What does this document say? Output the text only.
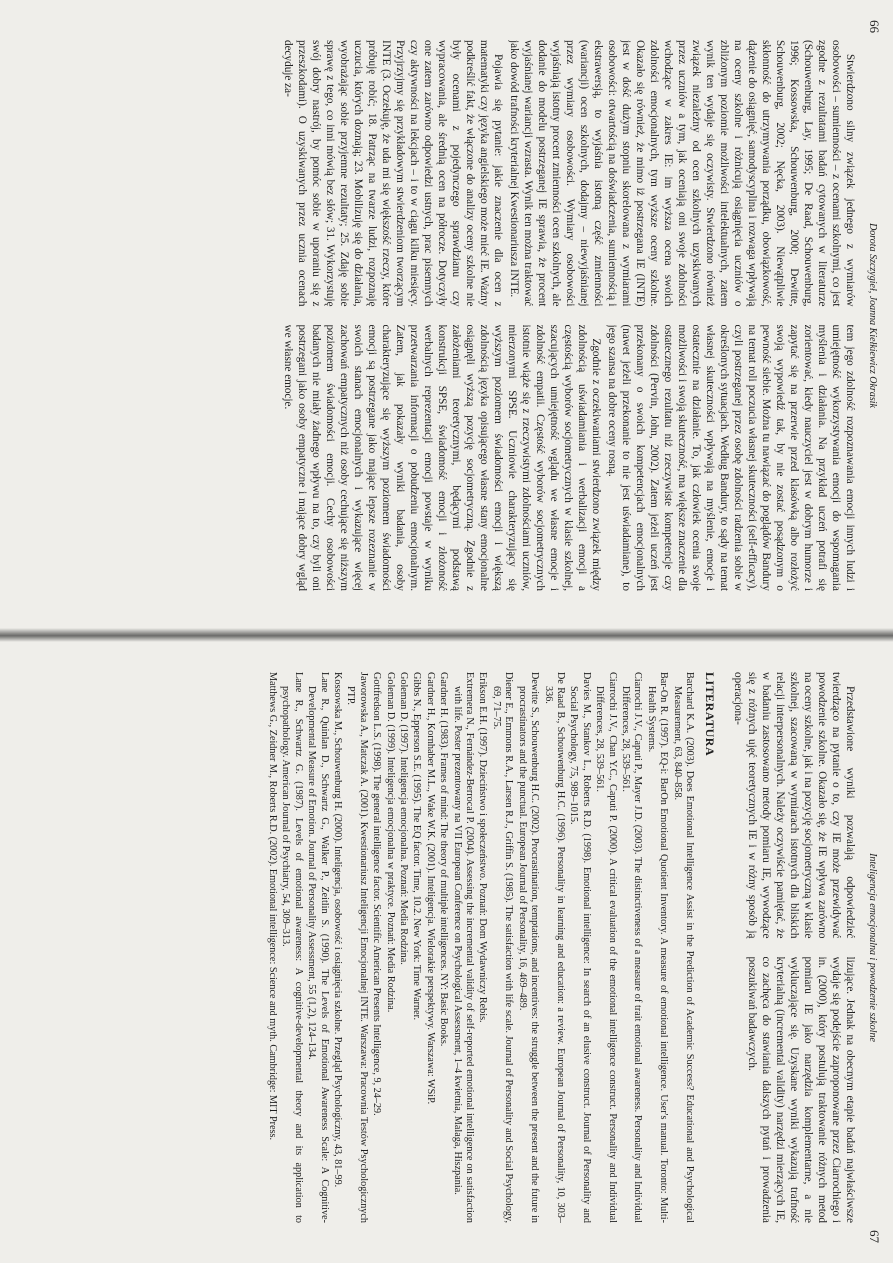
66
Dorota Szczygieł, Joanna Kiełkiewicz Okrasik

Stwierdzono silny związek jednego z wymiarów osobowości – sumienności – z ocenami szkolnymi, co jest zgodne z rezultatami badań cytowanych w literaturze (Schouwenburg, Lay, 1995; De Raad, Schouwenburg, 1996; Kossowska, Schouwenburg, 2000; Dewitte, Schouwenburg, 2002; Nęcka, 2003). Niewątpliwie skłonność do utrzymywania porządku, obowiązkowość, dążenie do osiągnięć, samodyscyplina i rozwaga wpływają na oceny szkolne i różnicują osiągnięcia uczniów o zbliżonym poziomie możliwości intelektualnych, zatem wynik ten wydaje się oczywisty. Stwierdzono również związek niezależny od ocen szkolnych uzyskiwanych przez uczniów a tym, jak oceniają oni swoje zdolności wchodzące w zakres IE: im wyższa ocena swoich zdolności emocjonalnych, tym wyższe oceny szkolne. Okazało się również, że mimo iż postrzegana IE (INTE) jest w dość dużym stopniu skorelowana z wymiarami osobowości: otwartością na doświadczenia, sumiennością i ekstrawersją, to wyjaśnia istotną część zmienności (wariancji) ocen szkolnych, dodajmy – niewyjaśnianej przez wymiary osobowości. Wymiary osobowości wyjaśniają istotny procent zmienności ocen szkolnych, ale dodanie do modelu postrzeganej IE sprawia, że procent wyjaśnianej wariancji wzrasta. Wynik ten można traktować jako dowód trafności kryterialnej Kwestionariusza INTE.

Pojawia się pytanie: jakie znaczenie dla ocen z matematyki czy języka angielskiego może mieć IE. Ważny podkreślić fakt, że włączone do analizy oceny szkolne nie były ocenami z pojedynczego sprawdzianu czy wypracowania, ale średnią ocen na półrocze. Dotyczyły one zatem zarówno odpowiedzi ustnych, prac pisemnych czy aktywności na lekcjach – i to w ciągu kilku miesięcy. Przyjrzyjmy się przykładowym stwierdzeniom tworzącym INTE (3. Oczekuję, że uda mi się większość rzeczy, które próbuję robić; 18. Patrząc na twarze ludzi, rozpoznaję uczucia, których doznają; 23. Mobilizuję się do działania, wyobrażając sobie przyjemne rezultaty; 25. Zdaję sobie sprawę z tego, co inni mówią bez słów; 31. Wykorzystuję swój dobry nastrój, by pomóc sobie w uporaniu się z przeszkodami). O uzyskiwanych przez ucznia ocenach decyduje za-

tem jego zdolność rozpoznawania emocji innych ludzi i umiejętność wykorzystywania emocji do wspomagania myślenia i działania. Na przykład uczeń potrafi się zorientować, kiedy nauczyciel jest w dobrym humorze i zapytać się na przerwie przed klasówką albo rozłożyć swoją wypowiedź tak, by nie zostać posądzonym o pewność siebie. Można tu nawiązać do poglądów Bandury na temat roli poczucia własnej skuteczności (self-efficacy), czyli postrzeganej przez osobę zdolności radzenia sobie w określonych sytuacjach. Według Bandury, to sądy na temat własnej skuteczności wpływają na myślenie, emocje i ostatecznie na działanie. To, jak człowiek ocenia swoje możliwości i swoją skuteczność, ma większe znaczenie dla ostatecznego rezultatu niż rzeczywiste kompetencje czy zdolności (Pervin, John, 2002). Zatem jeżeli uczeń jest przekonany o swoich kompetencjach emocjonalnych (nawet jeżeli przekonanie to nie jest uświadamiane), to jego szansa na dobre oceny rosną.

Zgodnie z oczekiwaniami stwierdzono związek między zdolnością uświadamiania i werbalizacji emocji a częstością wyborów socjometrycznych w klasie szkolnej, szacujących umiejętność wglądu we własne emocje i zdolność empatii. Częstość wyborów socjometrycznych istotnie wiąże się z rzeczywistymi zdolnościami uczniów, mierzonymi SPSE. Uczniowie charakteryzujący się wyższym poziomem świadomości emocji i większą zdolnością języka opisującego własne stany emocjonalne osiągnęli wyższą pozycję socjometryczną. Zgodnie z założeniami teoretycznymi, będącymi podstawą konstrukcji SPSE, świadomość emocji i złożoność werbalnych reprezentacji emocji powstaje w wyniku przetwarzania informacji o pobudzeniu emocjonalnym. Zatem, jak pokazały wyniki badania, osoby charakteryzujące się wyższym poziomem świadomości emocji są postrzegane jako mające lepsze rozeznanie w swoich stanach emocjonalnych i wykazujące więcej zachowań empatycznych niż osoby cechujące się niższym poziomem świadomości emocji. Cechy osobowości badanych nie miały żadnego wpływu na to, czy byli oni postrzegani jako osoby empatyczne i mające dobry wgląd we własne emocje.

67
Inteligencja emocjonalna i powodzenie szkolne

Przedstawione wyniki pozwalają odpowiedzieć twierdząco na pytanie o to, czy IE może przewidywać powodzenie szkolne. Okazało się, że IE wpływa zarówno na oceny szkolne, jak i na pozycję socjometryczną w klasie szkolnej, szacowaną w wymiarach istotnych dla bliskich relacji interpersonalnych. Należy oczywiście pamiętać, że w badaniu zastosowano metody pomiaru IE, wywodzące się z różnych ujęć teoretycznych IE i w różny sposób ją operacjona-

lizujące. Jednak na obecnym etapie badań najwłaściwsze wydaje się podejście zaproponowane przez Ciarrochiego i in. (2000), który postulują traktowanie różnych metod pomiaru IE jako narzędzia komplementarne, a nie wykluczające się. Uzyskane wyniki wykazują trafność kryterialną (incremental validity) narzędzi mierzących IE, co zachęca do stawiania dalszych pytań i prowadzenia poszukiwań badawczych.

LITERATURA

Barchard K.A. (2003). Does Emotional Intelligence Assist in the Prediction of Academic Success? Educational and Psychological Measurement, 63, 840–858.

Bar-On R. (1997). EQ-i: BarOn Emotional Quotient Inventory. A measure of emotional intelligence. User's manual. Toronto: Multi-Health Systems.

Ciarrochi J.V., Caputi P., Mayer J.D. (2003). The distinctiveness of a measure of trait emotional awareness. Personality and Individual Differences, 28, 539–561.

Ciarrochi J.V., Chan Y.C., Caputi P. (2000). A critical evaluation of the emotional intelligence construct. Personality and Individual Differences, 28, 539–561.

Davies M., Stankov L., Roberts R.D. (1998). Emotional intelligence: In search of an elusive construct. Journal of Personality and Social Psychology, 75, 989–1015.

De Raad B., Schouwenburg H.C. (1996). Personality in learning and education: a review. European Journal of Personality, 10, 303–336.

Dewitte S., Schouwenburg H.C. (2002). Procrastination, temptations, and incentives: the struggle between the present and the future in procrastinators and the punctual. European Journal of Personality, 16, 469–489.

Diener E., Emmons R.A., Larsen R.J., Griffin S. (1985). The satisfaction with life scale. Journal of Personality and Social Psychology, 69, 71–75.

Erikson E.H. (1997). Dzieciństwo i społeczeństwo. Poznań: Dom Wydawniczy Rebis.

Extremera N., Fernández-Berrocal P. (2004). Assessing the incremental validity of self-reported emotional intelligence on satisfaction with life. Poster prezentowany na VII European Conference on Psychological Assessment, 1–4 kwietnia, Malaga, Hiszpania.

Gardner H. (1983). Frames of mind: The theory of multiple intelligences. NY: Basic Books.

Gardner H., Kornhaber M.L., Wake W.K. (2001). Inteligencja. Wielorakie perspektywy. Warszawa: WSiP.

Gibbs N., Epperson S.E. (1995). The EQ factor. Time, 10.2. New York: Time Warner.

Goleman D. (1997). Inteligencja emocjonalna. Poznań: Media Rodzina.

Goleman D. (1999). Inteligencja emocjonalna w praktyce. Poznań: Media Rodzina.

Gottfredson L.S. (1998). The general intelligence factor. Scientific American Presents Intelligence, 9, 24–29.

Jaworowska A., Matczak A. (2001). Kwestionariusz Inteligencji Emocjonalnej INTE. Warszawa: Pracownia Testów Psychologicznych PTP.

Kossowska M., Schouwenburg H. (2000). Inteligencja, osobowość i osiągnięcia szkolne. Przegląd Psychologiczny, 43, 81–99.

Lane R., Quinlan D., Schwartz G., Walker P., Zeitlin S. (1990). The Levels of Emotional Awareness Scale: A Cognitive-Developmental Measure of Emotion. Journal of Personality Assessment, 55 (1,2), 124–134.

Lane R., Schwartz G. (1987). Levels of emotional awareness: A cognitive-developmental theory and its application to psychopathology. American Journal of Psychiatry, 54, 309–313.

Matthews G., Zeidner M., Roberts R.D. (2002). Emotional intelligence: Science and myth. Cambridge: MIT Press.
